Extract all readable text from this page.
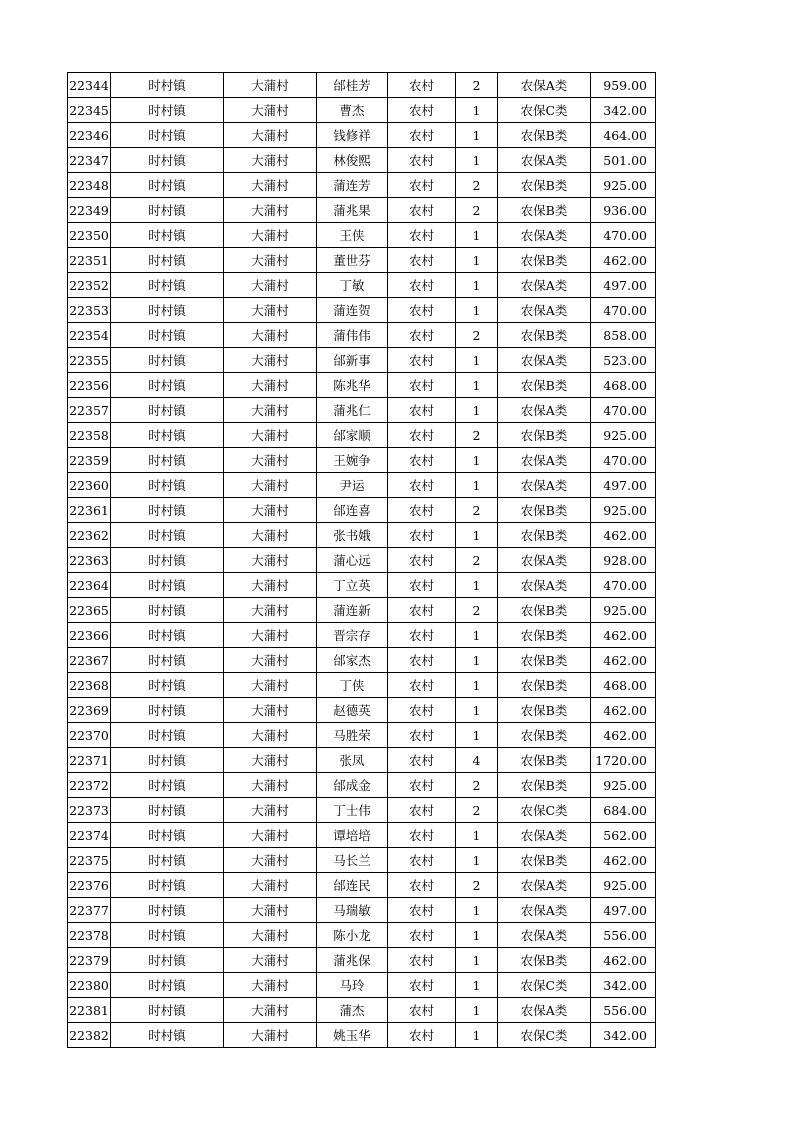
22344	时村镇	大蒲村	邰桂芳	农村	2	农保A类	959.00
22345	时村镇	大蒲村	曹杰	农村	1	农保C类	342.00
22346	时村镇	大蒲村	钱修祥	农村	1	农保B类	464.00
22347	时村镇	大蒲村	林俊熙	农村	1	农保A类	501.00
22348	时村镇	大蒲村	蒲连芳	农村	2	农保B类	925.00
22349	时村镇	大蒲村	蒲兆果	农村	2	农保B类	936.00
22350	时村镇	大蒲村	王侠	农村	1	农保A类	470.00
22351	时村镇	大蒲村	董世芬	农村	1	农保B类	462.00
22352	时村镇	大蒲村	丁敏	农村	1	农保A类	497.00
22353	时村镇	大蒲村	蒲连贺	农村	1	农保A类	470.00
22354	时村镇	大蒲村	蒲伟伟	农村	2	农保B类	858.00
22355	时村镇	大蒲村	邰新事	农村	1	农保A类	523.00
22356	时村镇	大蒲村	陈兆华	农村	1	农保B类	468.00
22357	时村镇	大蒲村	蒲兆仁	农村	1	农保A类	470.00
22358	时村镇	大蒲村	邰家顺	农村	2	农保B类	925.00
22359	时村镇	大蒲村	王婉争	农村	1	农保A类	470.00
22360	时村镇	大蒲村	尹运	农村	1	农保A类	497.00
22361	时村镇	大蒲村	邰连喜	农村	2	农保B类	925.00
22362	时村镇	大蒲村	张书娥	农村	1	农保B类	462.00
22363	时村镇	大蒲村	蒲心远	农村	2	农保A类	928.00
22364	时村镇	大蒲村	丁立英	农村	1	农保A类	470.00
22365	时村镇	大蒲村	蒲连新	农村	2	农保B类	925.00
22366	时村镇	大蒲村	晋宗存	农村	1	农保B类	462.00
22367	时村镇	大蒲村	邰家杰	农村	1	农保B类	462.00
22368	时村镇	大蒲村	丁侠	农村	1	农保B类	468.00
22369	时村镇	大蒲村	赵德英	农村	1	农保B类	462.00
22370	时村镇	大蒲村	马胜荣	农村	1	农保B类	462.00
22371	时村镇	大蒲村	张凤	农村	4	农保B类	1720.00
22372	时村镇	大蒲村	邰成金	农村	2	农保B类	925.00
22373	时村镇	大蒲村	丁士伟	农村	2	农保C类	684.00
22374	时村镇	大蒲村	谭培培	农村	1	农保A类	562.00
22375	时村镇	大蒲村	马长兰	农村	1	农保B类	462.00
22376	时村镇	大蒲村	邰连民	农村	2	农保A类	925.00
22377	时村镇	大蒲村	马瑞敏	农村	1	农保A类	497.00
22378	时村镇	大蒲村	陈小龙	农村	1	农保A类	556.00
22379	时村镇	大蒲村	蒲兆保	农村	1	农保B类	462.00
22380	时村镇	大蒲村	马玲	农村	1	农保C类	342.00
22381	时村镇	大蒲村	蒲杰	农村	1	农保A类	556.00
22382	时村镇	大蒲村	姚玉华	农村	1	农保C类	342.00
